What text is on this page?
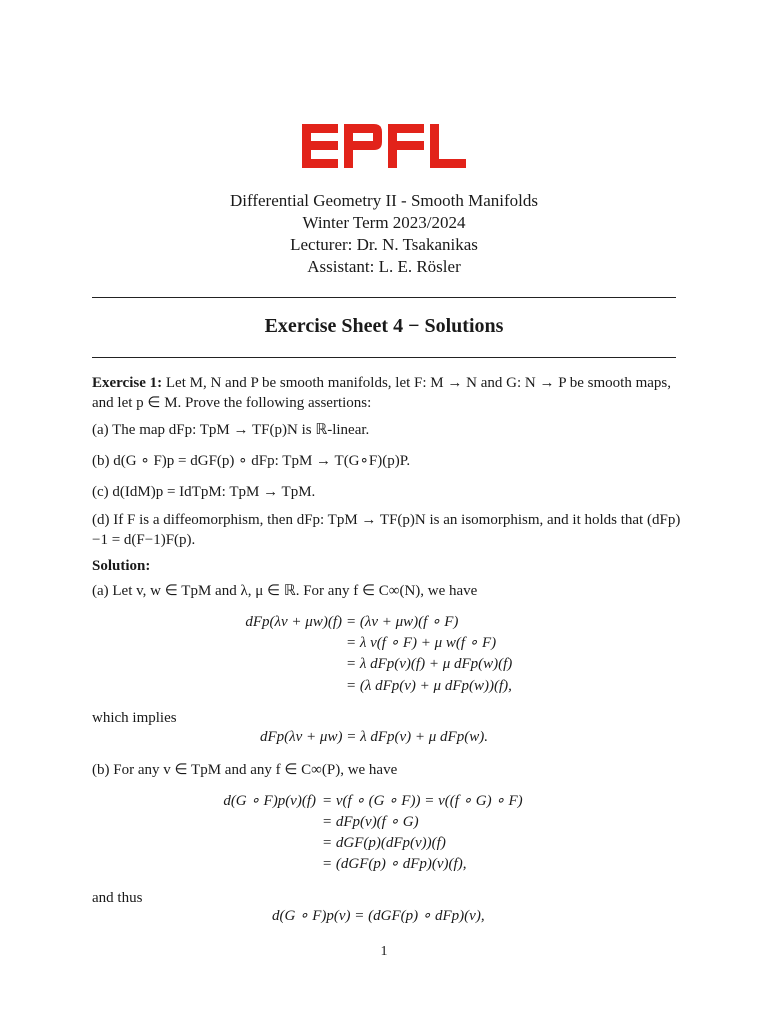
Differential Geometry II - Smooth Manifolds
Winter Term 2023/2024
Lecturer: Dr. N. Tsakanikas
Assistant: L. E. Rösler
Exercise Sheet 4 − Solutions
Exercise 1: Let M, N and P be smooth manifolds, let F: M → N and G: N → P be smooth maps, and let p ∈ M. Prove the following assertions:
(a) The map dFp: TpM → TF(p)N is ℝ-linear.
(b) d(G ∘ F)p = dGF(p) ∘ dFp: TpM → T(G∘F)(p)P.
(c) d(IdM)p = IdTpM: TpM → TpM.
(d) If F is a diffeomorphism, then dFp: TpM → TF(p)N is an isomorphism, and it holds that (dFp)−1 = d(F−1)F(p).
Solution:
(a) Let v, w ∈ TpM and λ, μ ∈ ℝ. For any f ∈ C∞(N), we have
dFp(λv + μw)(f) = (λv + μw)(f ∘ F)
= λ v(f ∘ F) + μ w(f ∘ F)
= λ dFp(v)(f) + μ dFp(w)(f)
= (λ dFp(v) + μ dFp(w))(f),
which implies
dFp(λv + μw) = λ dFp(v) + μ dFp(w).
(b) For any v ∈ TpM and any f ∈ C∞(P), we have
d(G ∘ F)p(v)(f) = v(f ∘ (G ∘ F)) = v((f ∘ G) ∘ F)
= dFp(v)(f ∘ G)
= dGF(p)(dFp(v))(f)
= (dGF(p) ∘ dFp)(v)(f),
and thus
d(G ∘ F)p(v) = (dGF(p) ∘ dFp)(v),
1
